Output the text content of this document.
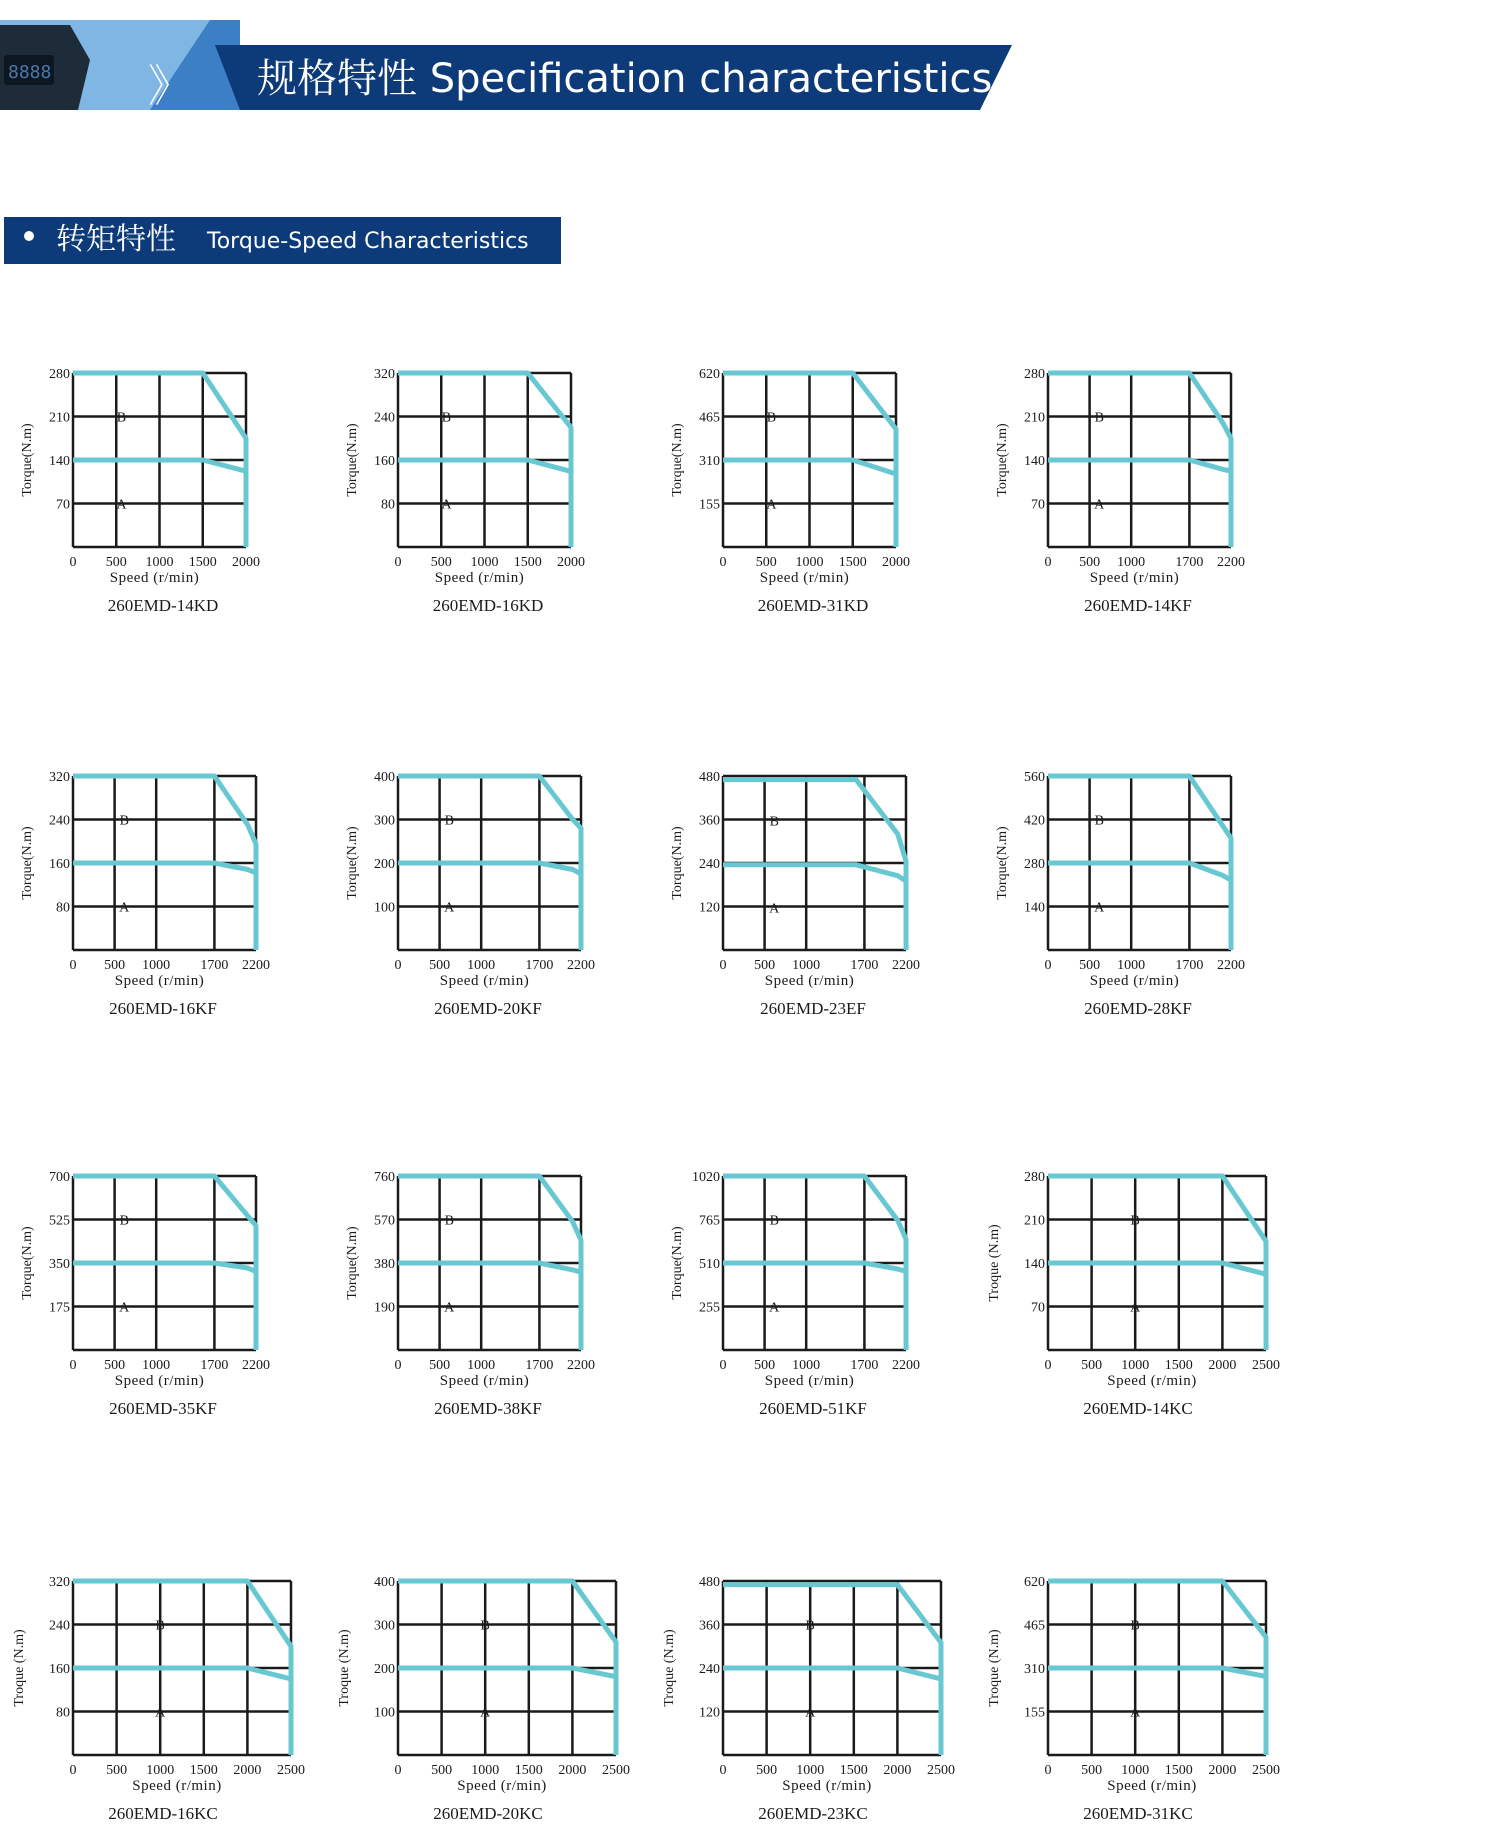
8888 》 规格特性 Specification characteristics
转矩特性 Torque-Speed Characteristics
70
140
210
280
0 500 1000 1500 2000
B
A
Torque(N.m)
Speed (r/min)
260EMD-14KD
80
160
240
320
0 500 1000 1500 2000
B
A
Torque(N.m)
Speed (r/min)
260EMD-16KD
155
310
465
620
0 500 1000 1500 2000
B
A
Torque(N.m)
Speed (r/min)
260EMD-31KD
70
140
210
280
0 500 1000 1700 2200
B
A
Torque(N.m)
Speed (r/min)
260EMD-14KF
80
160
240
320
0 500 1000 1700 2200
B
A
Torque(N.m)
Speed (r/min)
260EMD-16KF
100
200
300
400
0 500 1000 1700 2200
B
A
Torque(N.m)
Speed (r/min)
260EMD-20KF
120
240
360
480
0 500 1000 1700 2200
B
A
Torque(N.m)
Speed (r/min)
260EMD-23EF
140
280
420
560
0 500 1000 1700 2200
B
A
Torque(N.m)
Speed (r/min)
260EMD-28KF
175
350
525
700
0 500 1000 1700 2200
B
A
Torque(N.m)
Speed (r/min)
260EMD-35KF
190
380
570
760
0 500 1000 1700 2200
B
A
Torque(N.m)
Speed (r/min)
260EMD-38KF
255
510
765
1020
0 500 1000 1700 2200
B
A
Torque(N.m)
Speed (r/min)
260EMD-51KF
70
140
210
280
0 500 1000 1500 2000 2500
B
A
Troque (N.m)
Speed (r/min)
260EMD-14KC
80
160
240
320
0 500 1000 1500 2000 2500
B
A
Troque (N.m)
Speed (r/min)
260EMD-16KC
100
200
300
400
0 500 1000 1500 2000 2500
B
A
Troque (N.m)
Speed (r/min)
260EMD-20KC
120
240
360
480
0 500 1000 1500 2000 2500
B
A
Troque (N.m)
Speed (r/min)
260EMD-23KC
155
310
465
620
0 500 1000 1500 2000 2500
B
A
Troque (N.m)
Speed (r/min)
260EMD-31KC
